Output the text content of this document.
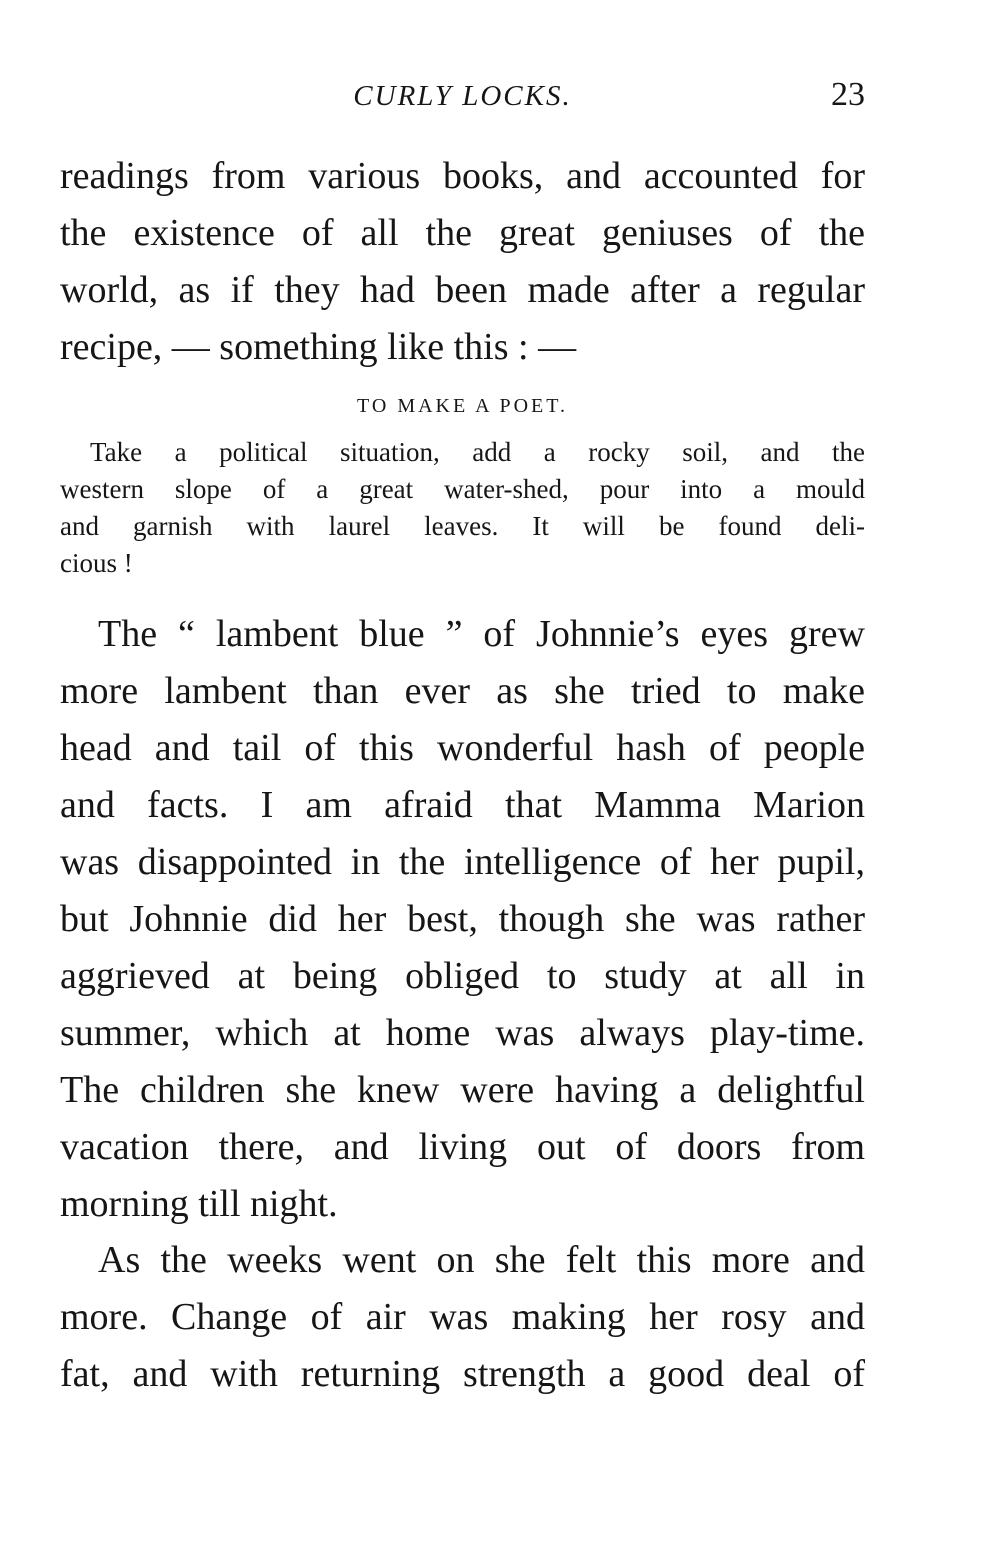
CURLY LOCKS.	23
readings from various books, and accounted for
the existence of all the great geniuses of the
world, as if they had been made after a regular
recipe, — something like this : —
TO MAKE A POET.
Take a political situation, add a rocky soil, and the
western slope of a great water-shed, pour into a mould
and garnish with laurel leaves. It will be found deli-
cious !
The “ lambent blue ” of Johnnie’s eyes grew
more lambent than ever as she tried to make
head and tail of this wonderful hash of people
and facts. I am afraid that Mamma Marion
was disappointed in the intelligence of her pupil,
but Johnnie did her best, though she was rather
aggrieved at being obliged to study at all in
summer, which at home was always play-time.
The children she knew were having a delightful
vacation there, and living out of doors from
morning till night.
As the weeks went on she felt this more and
more. Change of air was making her rosy and
fat, and with returning strength a good deal of
